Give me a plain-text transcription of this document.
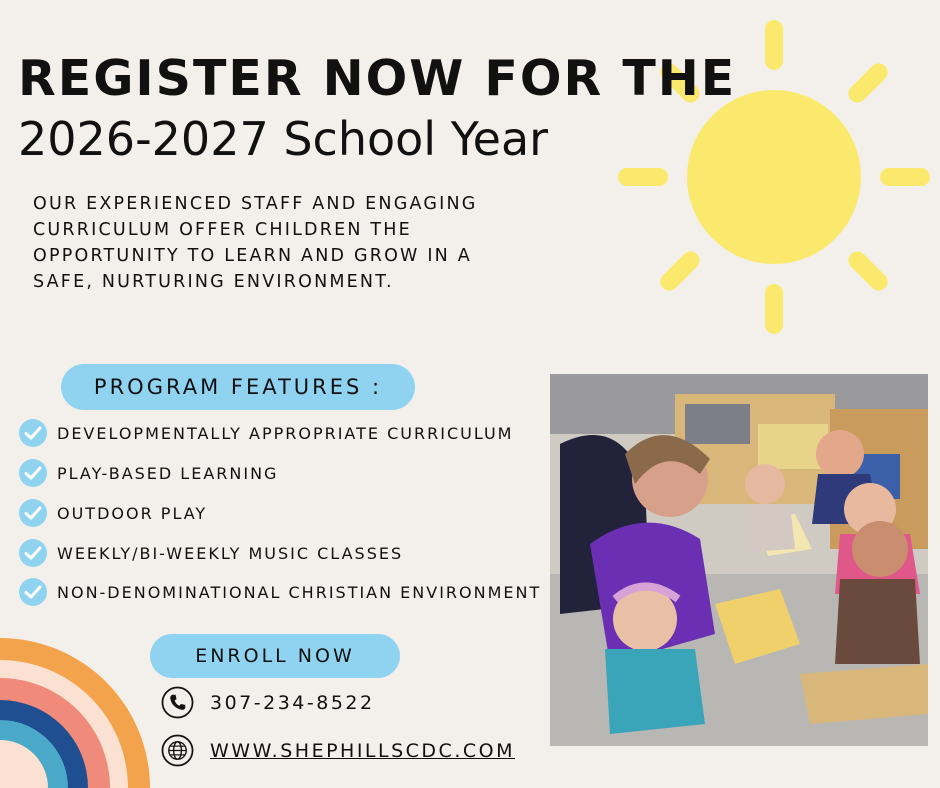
REGISTER NOW FOR THE
2026-2027 School Year
OUR EXPERIENCED STAFF AND ENGAGING CURRICULUM OFFER CHILDREN THE OPPORTUNITY TO LEARN AND GROW IN A SAFE, NURTURING ENVIRONMENT.
PROGRAM FEATURES :
DEVELOPMENTALLY APPROPRIATE CURRICULUM
PLAY-BASED LEARNING
OUTDOOR PLAY
WEEKLY/BI-WEEKLY MUSIC CLASSES
NON-DENOMINATIONAL CHRISTIAN ENVIRONMENT
ENROLL NOW
307-234-8522
WWW.SHEPHILLSCDC.COM
